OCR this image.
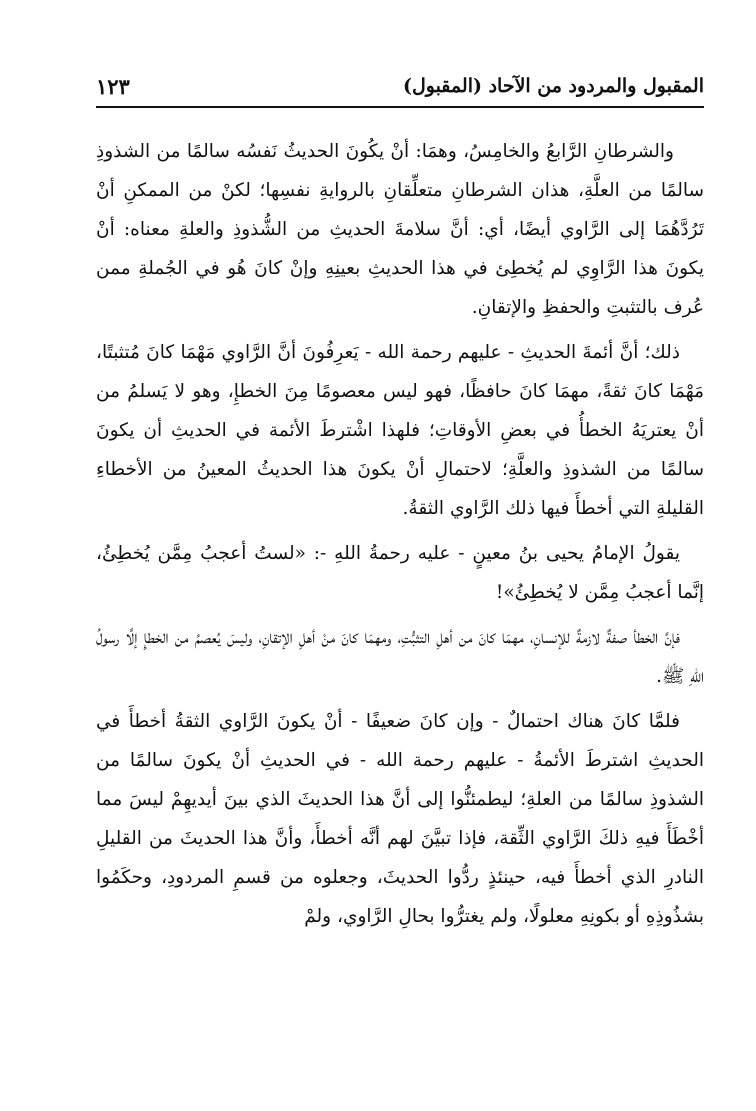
المقبول والمردود من الآحاد (المقبول)
١٢٣

والشرطانِ الرَّابعُ والخامِسُ، وهمَا: أنْ يكُونَ الحديثُ نَفسُه سالمًا من الشذوذِ سالمًا من العلَّةِ، هذان الشرطانِ متعلِّقانِ بالروايةِ نفسِها؛ لكنْ من الممكنِ أنْ تَرُدَّهُمَا إلى الرَّاوي أيضًا، أي: أنَّ سلامةَ الحديثِ من الشُّذوذِ والعلةِ معناه: أنْ يكونَ هذا الرَّاوِي لم يُخطِئ في هذا الحديثِ بعينِهِ وإنْ كانَ هُو في الجُملةِ ممن عُرف بالتثبتِ والحفظِ والإتقانِ.

ذلك؛ أنَّ أئمةَ الحديثِ - عليهم رحمة الله - يَعرِفُونَ أنَّ الرَّاوي مَهْمَا كانَ مُتثبتًا، مَهْمَا كانَ ثقةً، مهمَا كانَ حافظًا، فهو ليس معصومًا مِنَ الخطإِ، وهو لا يَسلمُ من أنْ يعتريَهُ الخطأُ في بعضِ الأوقاتِ؛ فلهذا اشْترطَ الأئمة في الحديثِ أن يكونَ سالمًا من الشذوذِ والعلَّةِ؛ لاحتمالِ أنْ يكونَ هذا الحديثُ المعينُ من الأخطاءِ القليلةِ التي أخطأَ فيها ذلك الرَّاوي الثقةُ.

يقولُ الإمامُ يحيى بنُ معينٍ - عليه رحمةُ اللهِ -: «لستُ أعجبُ مِمَّن يُخطِئُ، إنَّما أعجبُ مِمَّن لا يُخطِئُ»!

فإنَّ الخطأ صفةٌ لازمةٌ للإنسانِ، مهمَا كانَ من أهلِ التثبُّتِ، ومهمَا كانَ منْ أهلِ الإتقانِ، وليسَ يُعصمُ من الخطإِ إلَّا رسولُ اللهِ ﷺ.

فلمَّا كانَ هناك احتمالٌ - وإن كانَ ضعيفًا - أنْ يكونَ الرَّاوي الثقةُ أخطأَ في الحديثِ اشترطَ الأئمةُ - عليهم رحمة الله - في الحديثِ أنْ يكونَ سالمًا من الشذوذِ سالمًا من العلةِ؛ ليطمئنُّوا إلى أنَّ هذا الحديثَ الذي بينَ أيديهِمْ ليسَ مما أخْطَأَ فيهِ ذلكَ الرَّاوي الثِّقة، فإذا تبيَّنَ لهم أنَّه أخطأَ، وأنَّ هذا الحديثَ من القليلِ النادرِ الذي أخطأَ فيه، حينئذٍ ردُّوا الحديثَ، وجعلوه من قسمِ المردودِ، وحكَمُوا بشذُوذِهِ أو بكونِهِ معلولًا، ولم يغترُّوا بحالِ الرَّاوي، ولمْ
